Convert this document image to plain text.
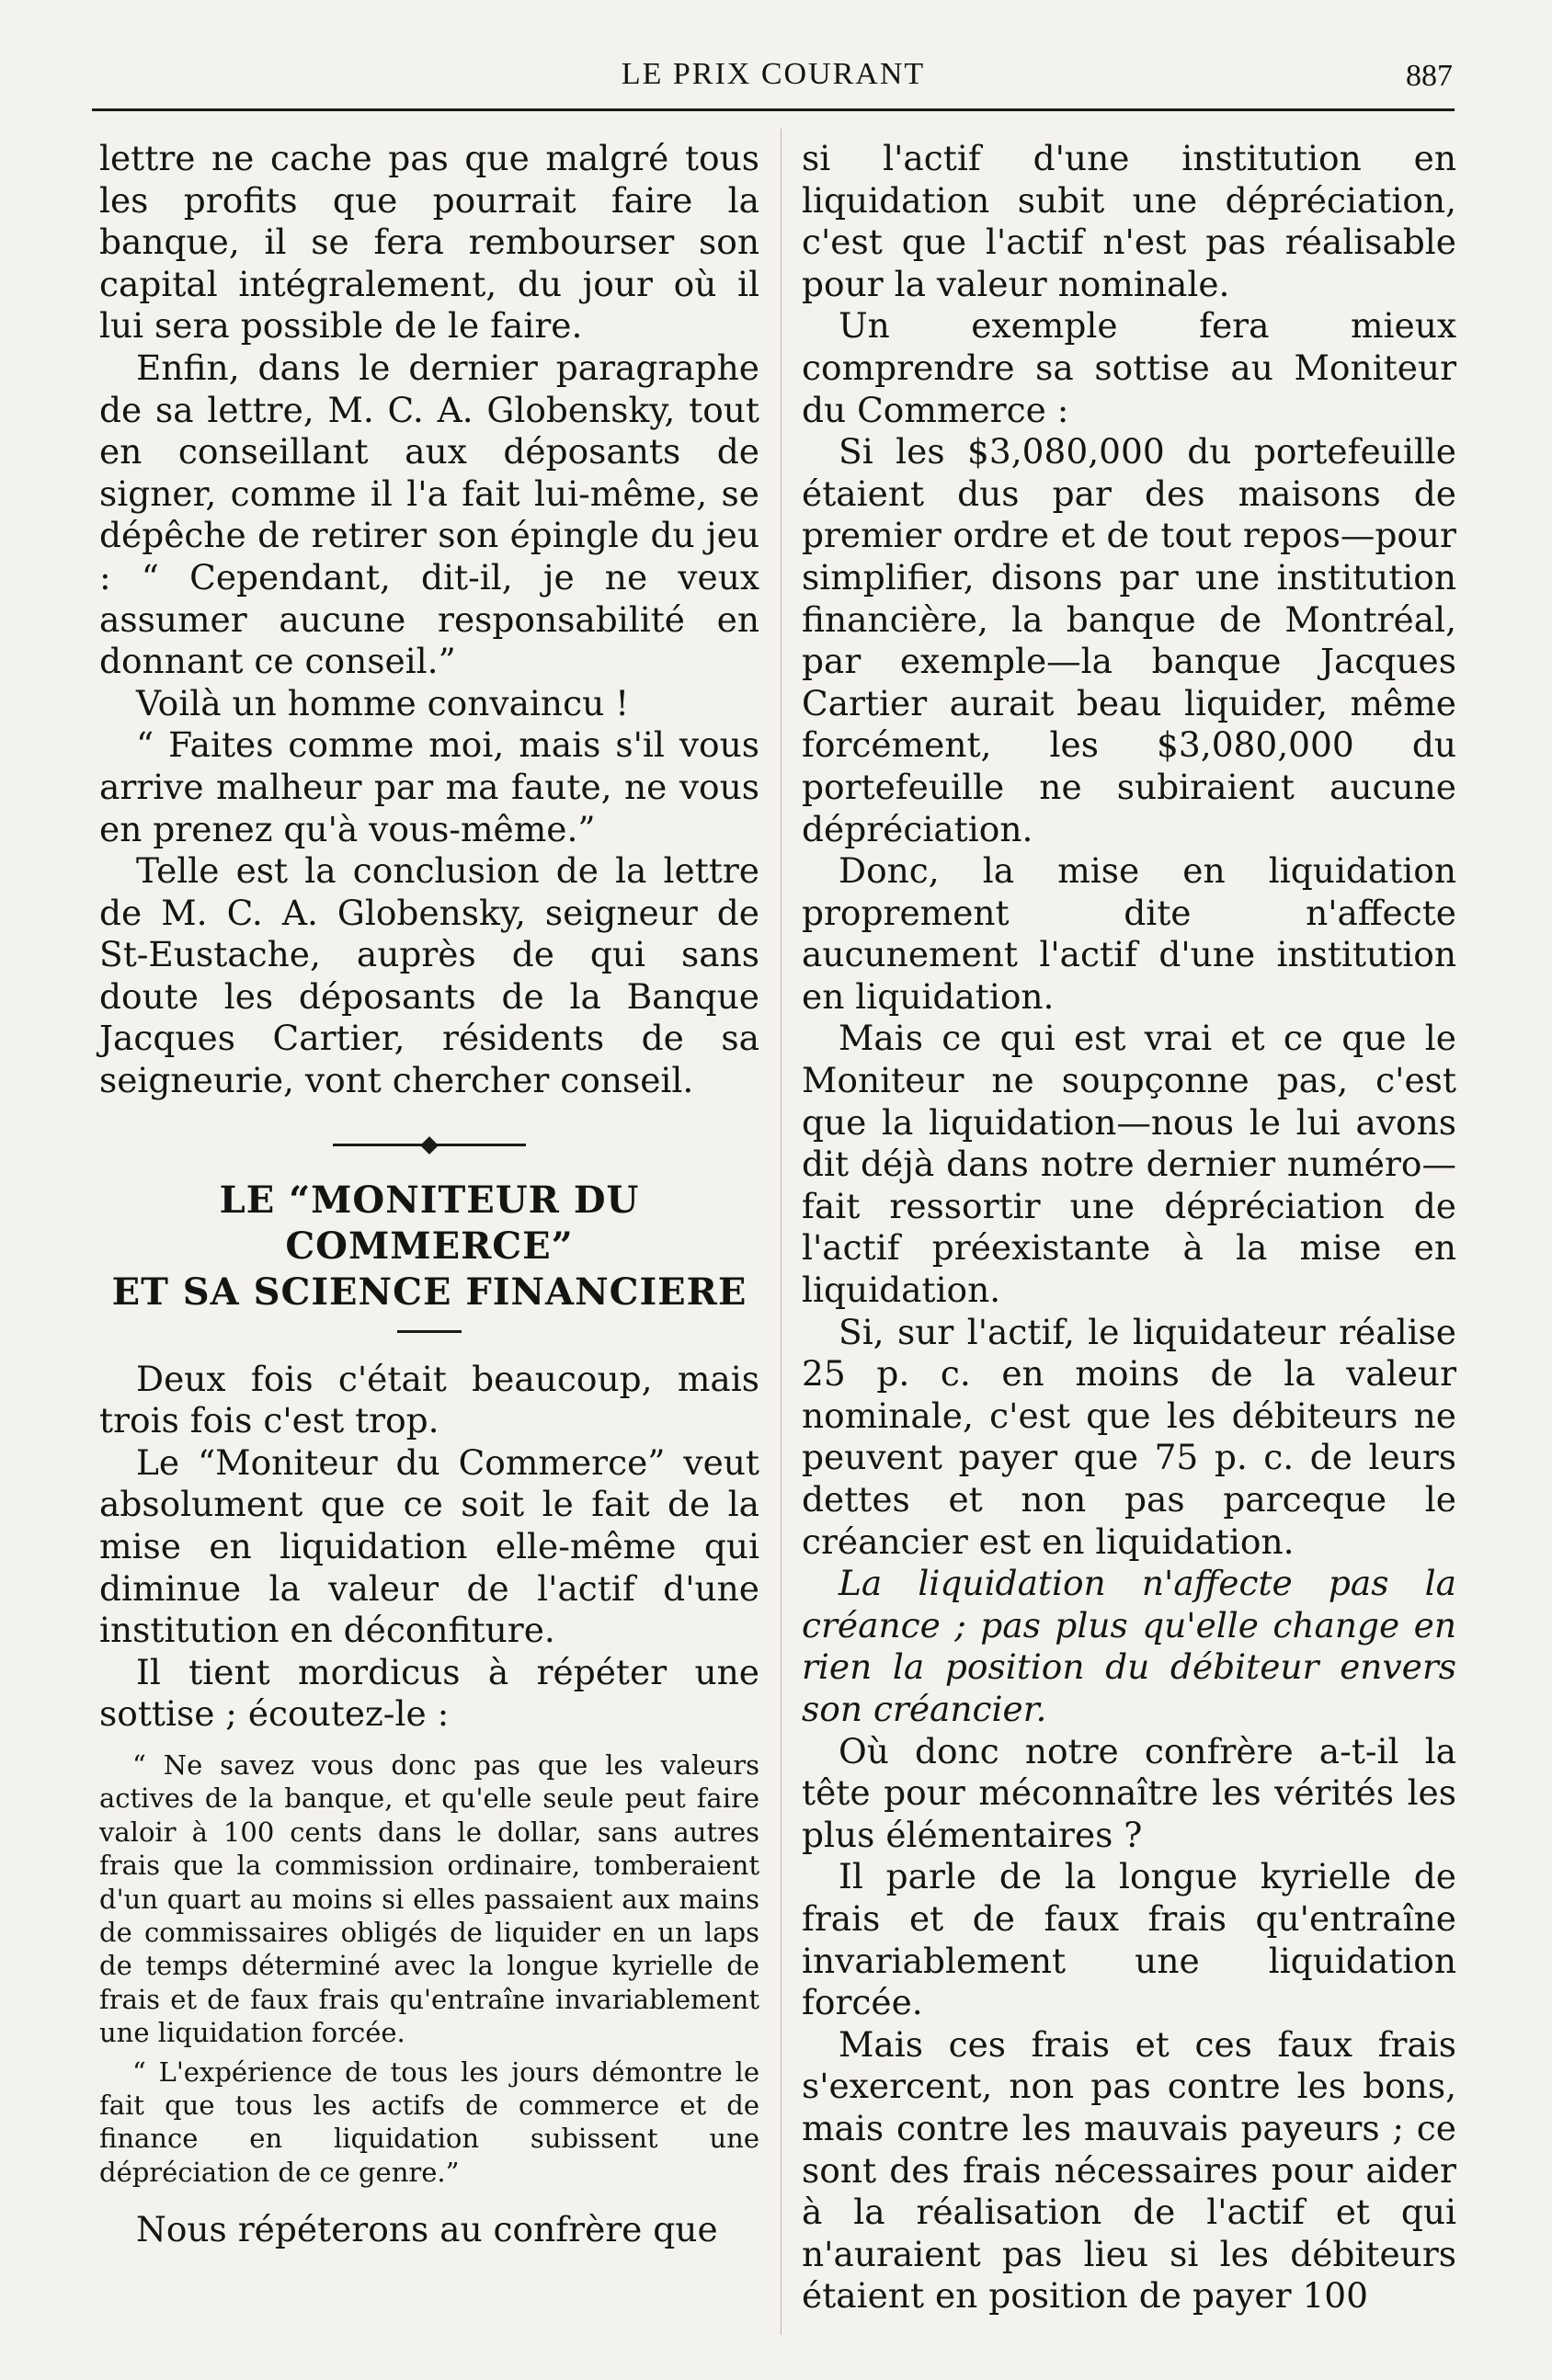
LE PRIX COURANT	887

lettre ne cache pas que malgré tous les profits que pourrait faire la banque, il se fera rembourser son capital intégralement, du jour où il lui sera possible de le faire.

Enfin, dans le dernier paragraphe de sa lettre, M. C. A. Globensky, tout en conseillant aux déposants de signer, comme il l'a fait lui-même, se dépêche de retirer son épingle du jeu : “ Cependant, dit-il, je ne veux assumer aucune responsabilité en donnant ce conseil.”

Voilà un homme convaincu !

“ Faites comme moi, mais s'il vous arrive malheur par ma faute, ne vous en prenez qu'à vous-même.”

Telle est la conclusion de la lettre de M. C. A. Globensky, seigneur de St-Eustache, auprès de qui sans doute les déposants de la Banque Jacques Cartier, résidents de sa seigneurie, vont chercher conseil.

LE “MONITEUR DU COMMERCE”
ET SA SCIENCE FINANCIERE

Deux fois c'était beaucoup, mais trois fois c'est trop.

Le “Moniteur du Commerce” veut absolument que ce soit le fait de la mise en liquidation elle-même qui diminue la valeur de l'actif d'une institution en déconfiture.

Il tient mordicus à répéter une sottise ; écoutez-le :

“ Ne savez vous donc pas que les valeurs actives de la banque, et qu'elle seule peut faire valoir à 100 cents dans le dollar, sans autres frais que la commission ordinaire, tomberaient d'un quart au moins si elles passaient aux mains de commissaires obligés de liquider en un laps de temps déterminé avec la longue kyrielle de frais et de faux frais qu'entraîne invariablement une liquidation forcée.

“ L'expérience de tous les jours démontre le fait que tous les actifs de commerce et de finance en liquidation subissent une dépréciation de ce genre.”

Nous répéterons au confrère que

si l'actif d'une institution en liquidation subit une dépréciation, c'est que l'actif n'est pas réalisable pour la valeur nominale.

Un exemple fera mieux comprendre sa sottise au Moniteur du Commerce :

Si les $3,080,000 du portefeuille étaient dus par des maisons de premier ordre et de tout repos—pour simplifier, disons par une institution financière, la banque de Montréal, par exemple—la banque Jacques Cartier aurait beau liquider, même forcément, les $3,080,000 du portefeuille ne subiraient aucune dépréciation.

Donc, la mise en liquidation proprement dite n'affecte aucunement l'actif d'une institution en liquidation.

Mais ce qui est vrai et ce que le Moniteur ne soupçonne pas, c'est que la liquidation—nous le lui avons dit déjà dans notre dernier numéro—fait ressortir une dépréciation de l'actif préexistante à la mise en liquidation.

Si, sur l'actif, le liquidateur réalise 25 p. c. en moins de la valeur nominale, c'est que les débiteurs ne peuvent payer que 75 p. c. de leurs dettes et non pas parceque le créancier est en liquidation.

La liquidation n'affecte pas la créance ; pas plus qu'elle change en rien la position du débiteur envers son créancier.

Où donc notre confrère a-t-il la tête pour méconnaître les vérités les plus élémentaires ?

Il parle de la longue kyrielle de frais et de faux frais qu'entraîne invariablement une liquidation forcée.

Mais ces frais et ces faux frais s'exercent, non pas contre les bons, mais contre les mauvais payeurs ; ce sont des frais nécessaires pour aider à la réalisation de l'actif et qui n'auraient pas lieu si les débiteurs étaient en position de payer 100
